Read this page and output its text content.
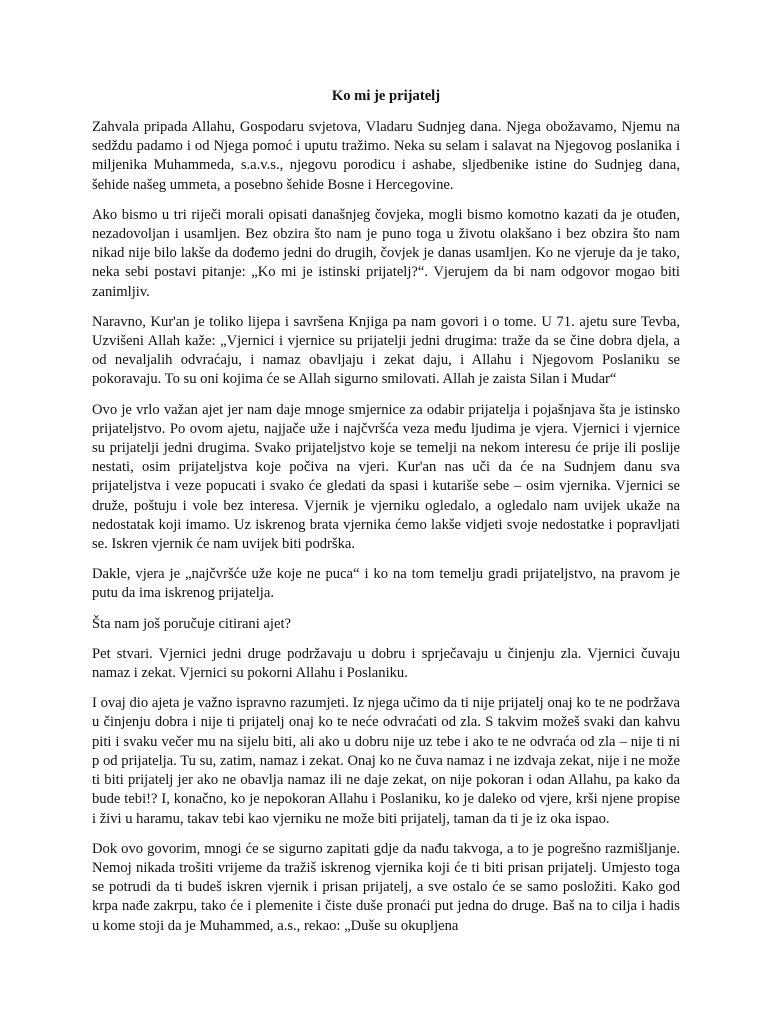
Ko mi je prijatelj

Zahvala pripada Allahu, Gospodaru svjetova, Vladaru Sudnjeg dana. Njega obožavamo, Njemu na sedždu padamo i od Njega pomoć i uputu tražimo. Neka su selam i salavat na Njegovog poslanika i miljenika Muhammeda, s.a.v.s., njegovu porodicu i ashabe, sljedbenike istine do Sudnjeg dana, šehide našeg ummeta, a posebno šehide Bosne i Hercegovine.

Ako bismo u tri riječi morali opisati današnjeg čovjeka, mogli bismo komotno kazati da je otuđen, nezadovoljan i usamljen. Bez obzira što nam je puno toga u životu olakšano i bez obzira što nam nikad nije bilo lakše da dođemo jedni do drugih, čovjek je danas usamljen. Ko ne vjeruje da je tako, neka sebi postavi pitanje: „Ko mi je istinski prijatelj?“. Vjerujem da bi nam odgovor mogao biti zanimljiv.

Naravno, Kur'an je toliko lijepa i savršena Knjiga pa nam govori i o tome. U 71. ajetu sure Tevba, Uzvišeni Allah kaže: „Vjernici i vjernice su prijatelji jedni drugima: traže da se čine dobra djela, a od nevaljalih odvraćaju, i namaz obavljaju i zekat daju, i Allahu i Njegovom Poslaniku se pokoravaju. To su oni kojima će se Allah sigurno smilovati. Allah je zaista Silan i Mudar“

Ovo je vrlo važan ajet jer nam daje mnoge smjernice za odabir prijatelja i pojašnjava šta je istinsko prijateljstvo. Po ovom ajetu, najjače uže i najčvršća veza među ljudima je vjera. Vjernici i vjernice su prijatelji jedni drugima. Svako prijateljstvo koje se temelji na nekom interesu će prije ili poslije nestati, osim prijateljstva koje počiva na vjeri. Kur'an nas uči da će na Sudnjem danu sva prijateljstva i veze popucati i svako će gledati da spasi i kutariše sebe – osim vjernika. Vjernici se druže, poštuju i vole bez interesa. Vjernik je vjerniku ogledalo, a ogledalo nam uvijek ukaže na nedostatak koji imamo. Uz iskrenog brata vjernika ćemo lakše vidjeti svoje nedostatke i popravljati se. Iskren vjernik će nam uvijek biti podrška.

Dakle, vjera je „najčvršće uže koje ne puca“ i ko na tom temelju gradi prijateljstvo, na pravom je putu da ima iskrenog prijatelja.

Šta nam još poručuje citirani ajet?

Pet stvari. Vjernici jedni druge podržavaju u dobru i sprječavaju u činjenju zla. Vjernici čuvaju namaz i zekat. Vjernici su pokorni Allahu i Poslaniku.

I ovaj dio ajeta je važno ispravno razumjeti. Iz njega učimo da ti nije prijatelj onaj ko te ne podržava u činjenju dobra i nije ti prijatelj onaj ko te neće odvraćati od zla. S takvim možeš svaki dan kahvu piti i svaku večer mu na sijelu biti, ali ako u dobru nije uz tebe i ako te ne odvraća od zla – nije ti ni p od prijatelja. Tu su, zatim, namaz i zekat. Onaj ko ne čuva namaz i ne izdvaja zekat, nije i ne može ti biti prijatelj jer ako ne obavlja namaz ili ne daje zekat, on nije pokoran i odan Allahu, pa kako da bude tebi!? I, konačno, ko je nepokoran Allahu i Poslaniku, ko je daleko od vjere, krši njene propise i živi u haramu, takav tebi kao vjerniku ne može biti prijatelj, taman da ti je iz oka ispao.

Dok ovo govorim, mnogi će se sigurno zapitati gdje da nađu takvoga, a to je pogrešno razmišljanje. Nemoj nikada trošiti vrijeme da tražiš iskrenog vjernika koji će ti biti prisan prijatelj. Umjesto toga se potrudi da ti budeš iskren vjernik i prisan prijatelj, a sve ostalo će se samo posložiti. Kako god krpa nađe zakrpu, tako će i plemenite i čiste duše pronaći put jedna do druge. Baš na to cilja i hadis u kome stoji da je Muhammed, a.s., rekao: „Duše su okupljena
